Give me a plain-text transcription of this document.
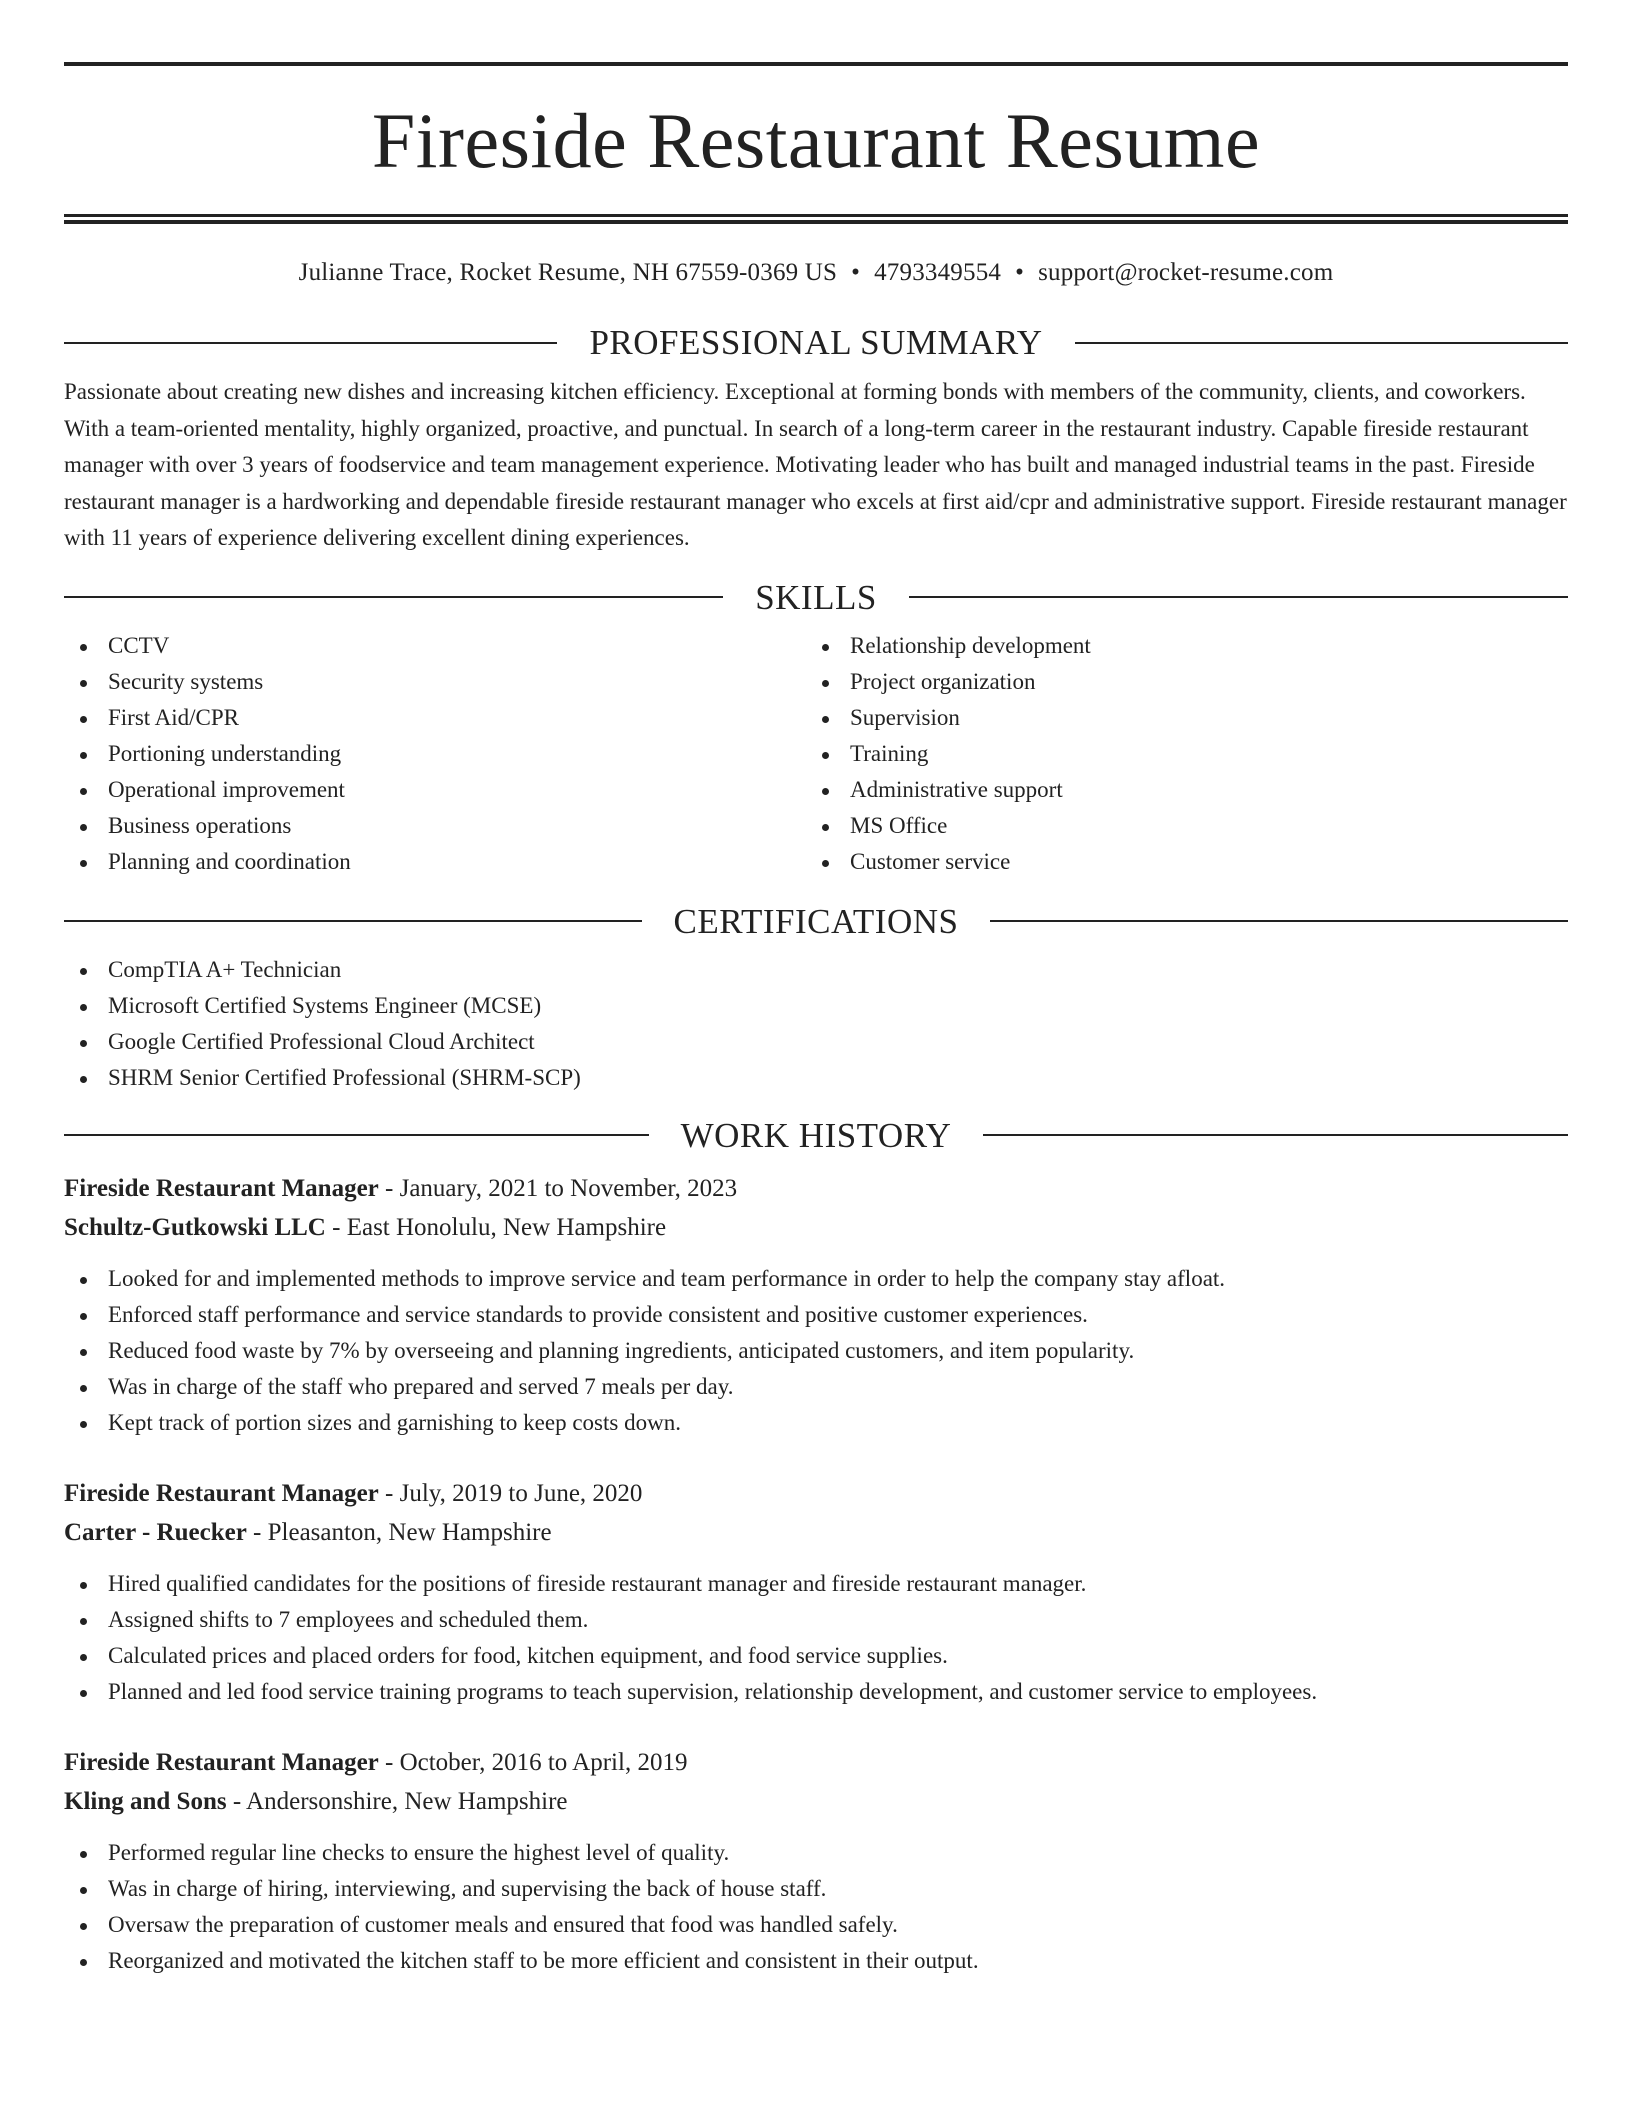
Fireside Restaurant Resume
Julianne Trace, Rocket Resume, NH 67559-0369 US • 4793349554 • support@rocket-resume.com
PROFESSIONAL SUMMARY

Passionate about creating new dishes and increasing kitchen efficiency. Exceptional at forming bonds with members of the community, clients, and coworkers. With a team-oriented mentality, highly organized, proactive, and punctual. In search of a long-term career in the restaurant industry. Capable fireside restaurant manager with over 3 years of foodservice and team management experience. Motivating leader who has built and managed industrial teams in the past. Fireside restaurant manager is a hardworking and dependable fireside restaurant manager who excels at first aid/cpr and administrative support. Fireside restaurant manager with 11 years of experience delivering excellent dining experiences.

SKILLS
CCTV
Security systems
First Aid/CPR
Portioning understanding
Operational improvement
Business operations
Planning and coordination
Relationship development
Project organization
Supervision
Training
Administrative support
MS Office
Customer service
CERTIFICATIONS
CompTIA A+ Technician
Microsoft Certified Systems Engineer (MCSE)
Google Certified Professional Cloud Architect
SHRM Senior Certified Professional (SHRM-SCP)
WORK HISTORY
Fireside Restaurant Manager - January, 2021 to November, 2023
Schultz-Gutkowski LLC - East Honolulu, New Hampshire
Looked for and implemented methods to improve service and team performance in order to help the company stay afloat.
Enforced staff performance and service standards to provide consistent and positive customer experiences.
Reduced food waste by 7% by overseeing and planning ingredients, anticipated customers, and item popularity.
Was in charge of the staff who prepared and served 7 meals per day.
Kept track of portion sizes and garnishing to keep costs down.
Fireside Restaurant Manager - July, 2019 to June, 2020
Carter - Ruecker - Pleasanton, New Hampshire
Hired qualified candidates for the positions of fireside restaurant manager and fireside restaurant manager.
Assigned shifts to 7 employees and scheduled them.
Calculated prices and placed orders for food, kitchen equipment, and food service supplies.
Planned and led food service training programs to teach supervision, relationship development, and customer service to employees.
Fireside Restaurant Manager - October, 2016 to April, 2019
Kling and Sons - Andersonshire, New Hampshire
Performed regular line checks to ensure the highest level of quality.
Was in charge of hiring, interviewing, and supervising the back of house staff.
Oversaw the preparation of customer meals and ensured that food was handled safely.
Reorganized and motivated the kitchen staff to be more efficient and consistent in their output.
